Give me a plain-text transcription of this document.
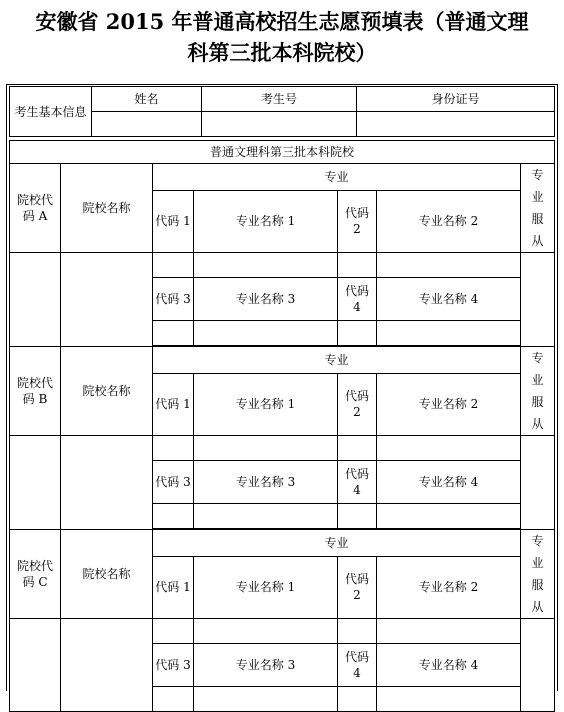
安徽省 2015 年普通高校招生志愿预填表（普通文理
科第三批本科院校）
考生基本信息	姓名	考生号	身份证号

普通文理科第三批本科院校						
院校代码 A	院校名称	专业				专业服从
		代码 1	专业名称 1	代码 2	专业名称 2	

		代码 3	专业名称 3	代码 4	专业名称 4	

院校代码 B	院校名称	专业				专业服从
		代码 1	专业名称 1	代码 2	专业名称 2	

		代码 3	专业名称 3	代码 4	专业名称 4	

院校代码 C	院校名称	专业				专业服从
		代码 1	专业名称 1	代码 2	专业名称 2	

		代码 3	专业名称 3	代码 4	专业名称 4	
